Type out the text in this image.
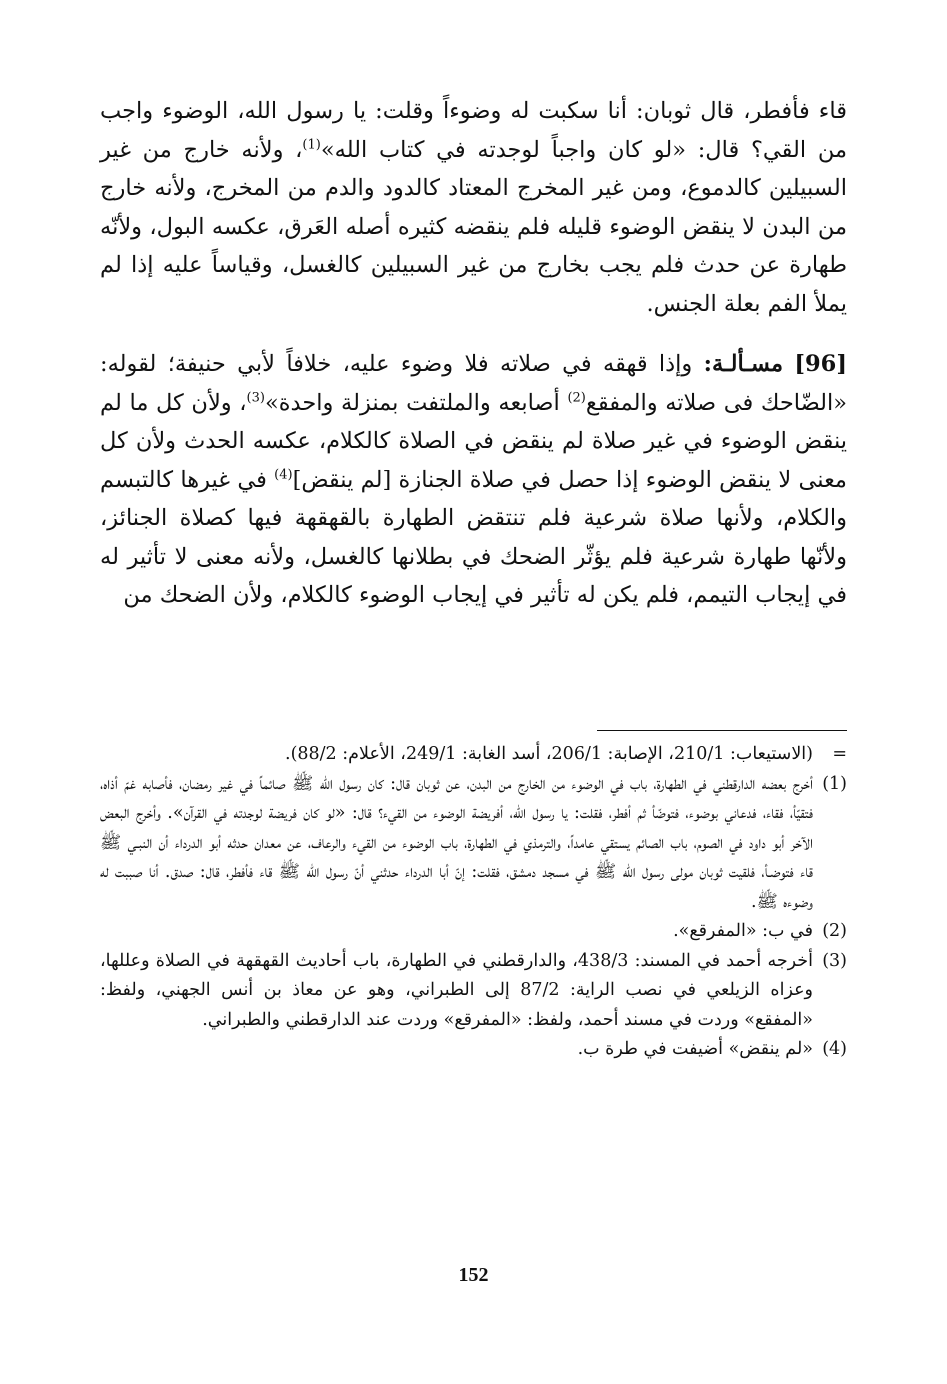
قاء فأفطر، قال ثوبان: أنا سكبت له وضوءاً وقلت: يا رسول الله، الوضوء واجب من القي؟ قال: «لو كان واجباً لوجدته في كتاب الله»$^{(1)}$، ولأنه خارج من غير السبيلين كالدموع، ومن غير المخرج المعتاد كالدود والدم من المخرج، ولأنه خارج من البدن لا ينقض الوضوء قليله فلم ينقضه كثيره أصله العَرق، عكسه البول، ولأنّه طهارة عن حدث فلم يجب بخارج من غير السبيلين كالغسل، وقياساً عليه إذا لم يملأ الفم بعلة الجنس.

[96] مسـألـة: وإذا قهقه في صلاته فلا وضوء عليه، خلافاً لأبي حنيفة؛ لقوله: «الضّاحك فى صلاته والمفقع$^{(2)}$ أصابعه والملتفت بمنزلة واحدة»$^{(3)}$، ولأن كل ما لم ينقض الوضوء في غير صلاة لم ينقض في الصلاة كالكلام، عكسه الحدث ولأن كل معنى لا ينقض الوضوء إذا حصل في صلاة الجنازة [لم ينقض]$^{(4)}$ في غيرها كالتبسم والكلام، ولأنها صلاة شرعية فلم تنتقض الطهارة بالقهقهة فيها كصلاة الجنائز، ولأنّها طهارة شرعية فلم يؤثّر الضحك في بطلانها كالغسل، ولأنه معنى لا تأثير له في إيجاب التيمم، فلم يكن له تأثير في إيجاب الوضوء كالكلام، ولأن الضحك من

=
(الاستيعاب: 210/1، الإصابة: 206/1، أسد الغابة: 249/1، الأعلام: 88/2).
(1)
أخرج بعضه الدارقطني في الطهارة، باب في الوضوء من الخارج من البدن، عن ثوبان قال: كان رسول الله ﷺ صائماً في غير رمضان، فأصابه غمّ أذاه، فتقيّأ، فقاء، فدعاني بوضوء، فتوضّأ ثم أفطر، فقلت: يا رسول الله، أفريضة الوضوء من القيء؟ قال: «لو كان فريضة لوجدته في القرآن». وأخرج البعض الآخر أبو داود في الصوم، باب الصائم يستقي عامداً، والترمذي في الطهارة، باب الوضوء من القيء والرعاف، عن معدان حدثه أبو الدرداء أن النبـي ﷺ قاء فتوضـأ، فلقيت ثوبان مولى رسول الله ﷺ في مسجد دمشق، فقلت: إنّ أبا الدرداء حدثني أنّ رسول الله ﷺ قاء فأفطر، قال: صدق. أنا صببت له وضوءه ﷺ.
(2)
في ب: «المفرقع».
(3)
أخرجه أحمد في المسند: 438/3، والدارقطني في الطهارة، باب أحاديث القهقهة في الصلاة وعللها، وعزاه الزيلعي في نصب الراية: 87/2 إلى الطبراني، وهو عن معاذ بن أنس الجهني، ولفظ: «المفقع» وردت في مسند أحمد، ولفظ: «المفرقع» وردت عند الدارقطني والطبراني.
(4)
«لم ينقض» أضيفت في طرة ب.
152
